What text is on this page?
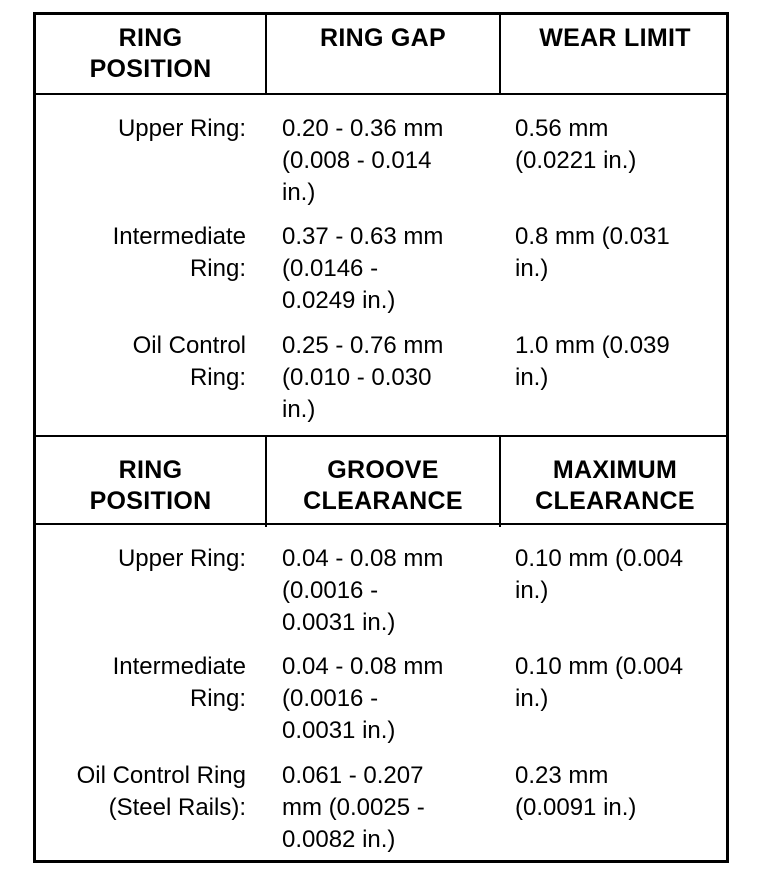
RING
POSITION
RING GAP	WEAR LIMIT
Upper Ring: 0.20 - 0.36 mm
(0.008 - 0.014
in.)
0.56 mm
(0.0221 in.)
Intermediate
Ring:
0.37 - 0.63 mm
(0.0146 -
0.0249 in.)
0.8 mm (0.031
in.)
Oil Control
Ring:
0.25 - 0.76 mm
(0.010 - 0.030
in.)
1.0 mm (0.039
in.)
RING
POSITION
GROOVE
CLEARANCE
MAXIMUM
CLEARANCE
Upper Ring: 0.04 - 0.08 mm
(0.0016 -
0.0031 in.)
0.10 mm (0.004
in.)
Intermediate
Ring:
0.04 - 0.08 mm
(0.0016 -
0.0031 in.)
0.10 mm (0.004
in.)
Oil Control Ring
(Steel Rails):
0.061 - 0.207
mm (0.0025 -
0.0082 in.)
0.23 mm
(0.0091 in.)
